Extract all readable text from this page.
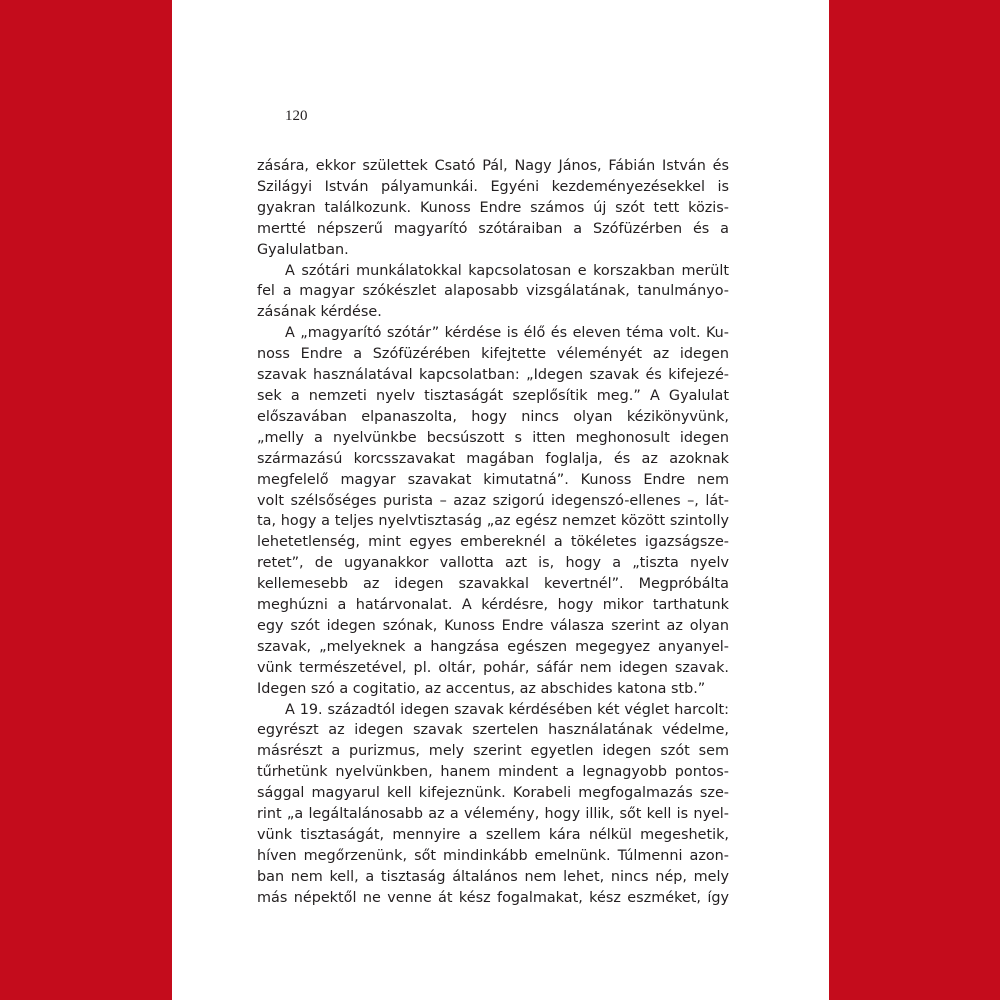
120
zására, ekkor születtek Csató Pál, Nagy János, Fábián István és
Szilágyi István pályamunkái. Egyéni kezdeményezésekkel is
gyakran találkozunk. Kunoss Endre számos új szót tett közis-
mertté népszerű magyarító szótáraiban a Szófüzérben és a
Gyalulatban.
A szótári munkálatokkal kapcsolatosan e korszakban merült
fel a magyar szókészlet alaposabb vizsgálatának, tanulmányo-
zásának kérdése.
A „magyarító szótár” kérdése is élő és eleven téma volt. Ku-
noss Endre a Szófüzérében kifejtette véleményét az idegen
szavak használatával kapcsolatban: „Idegen szavak és kifejezé-
sek a nemzeti nyelv tisztaságát szeplősítik meg.” A Gyalulat
előszavában elpanaszolta, hogy nincs olyan kézikönyvünk,
„melly a nyelvünkbe becsúszott s itten meghonosult idegen
származású korcsszavakat magában foglalja, és az azoknak
megfelelő magyar szavakat kimutatná”. Kunoss Endre nem
volt szélsőséges purista – azaz szigorú idegenszó-ellenes –, lát-
ta, hogy a teljes nyelvtisztaság „az egész nemzet között szintolly
lehetetlenség, mint egyes embereknél a tökéletes igazságsze-
retet”, de ugyanakkor vallotta azt is, hogy a „tiszta nyelv
kellemesebb az idegen szavakkal kevertnél”. Megpróbálta
meghúzni a határvonalat. A kérdésre, hogy mikor tarthatunk
egy szót idegen szónak, Kunoss Endre válasza szerint az olyan
szavak, „melyeknek a hangzása egészen megegyez anyanyel-
vünk természetével, pl. oltár, pohár, sáfár nem idegen szavak.
Idegen szó a cogitatio, az accentus, az abschides katona stb.”
A 19. századtól idegen szavak kérdésében két véglet harcolt:
egyrészt az idegen szavak szertelen használatának védelme,
másrészt a purizmus, mely szerint egyetlen idegen szót sem
tűrhetünk nyelvünkben, hanem mindent a legnagyobb pontos-
sággal magyarul kell kifejeznünk. Korabeli megfogalmazás sze-
rint „a legáltalánosabb az a vélemény, hogy illik, sőt kell is nyel-
vünk tisztaságát, mennyire a szellem kára nélkül megeshetik,
híven megőrzenünk, sőt mindinkább emelnünk. Túlmenni azon-
ban nem kell, a tisztaság általános nem lehet, nincs nép, mely
más népektől ne venne át kész fogalmakat, kész eszméket, így
